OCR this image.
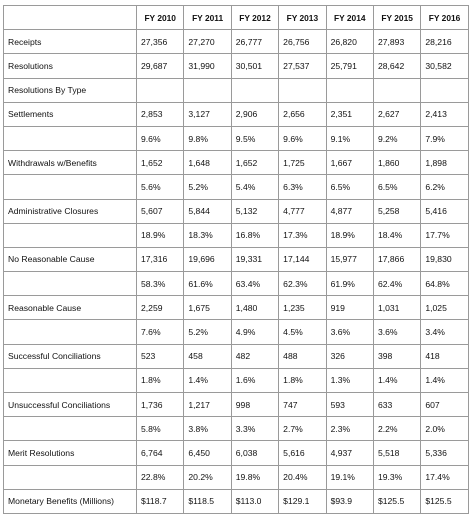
	FY 2010	FY 2011	FY 2012	FY 2013	FY 2014	FY 2015	FY 2016
Receipts	27,356	27,270	26,777	26,756	26,820	27,893	28,216
Resolutions	29,687	31,990	30,501	27,537	25,791	28,642	30,582
Resolutions By Type							
Settlements	2,853	3,127	2,906	2,656	2,351	2,627	2,413
	9.6%	9.8%	9.5%	9.6%	9.1%	9.2%	7.9%
Withdrawals w/Benefits	1,652	1,648	1,652	1,725	1,667	1,860	1,898
	5.6%	5.2%	5.4%	6.3%	6.5%	6.5%	6.2%
Administrative Closures	5,607	5,844	5,132	4,777	4,877	5,258	5,416
	18.9%	18.3%	16.8%	17.3%	18.9%	18.4%	17.7%
No Reasonable Cause	17,316	19,696	19,331	17,144	15,977	17,866	19,830
	58.3%	61.6%	63.4%	62.3%	61.9%	62.4%	64.8%
Reasonable Cause	2,259	1,675	1,480	1,235	919	1,031	1,025
	7.6%	5.2%	4.9%	4.5%	3.6%	3.6%	3.4%
Successful Conciliations	523	458	482	488	326	398	418
	1.8%	1.4%	1.6%	1.8%	1.3%	1.4%	1.4%
Unsuccessful Conciliations	1,736	1,217	998	747	593	633	607
	5.8%	3.8%	3.3%	2.7%	2.3%	2.2%	2.0%
Merit Resolutions	6,764	6,450	6,038	5,616	4,937	5,518	5,336
	22.8%	20.2%	19.8%	20.4%	19.1%	19.3%	17.4%
Monetary Benefits (Millions)	$118.7	$118.5	$113.0	$129.1	$93.9	$125.5	$125.5
